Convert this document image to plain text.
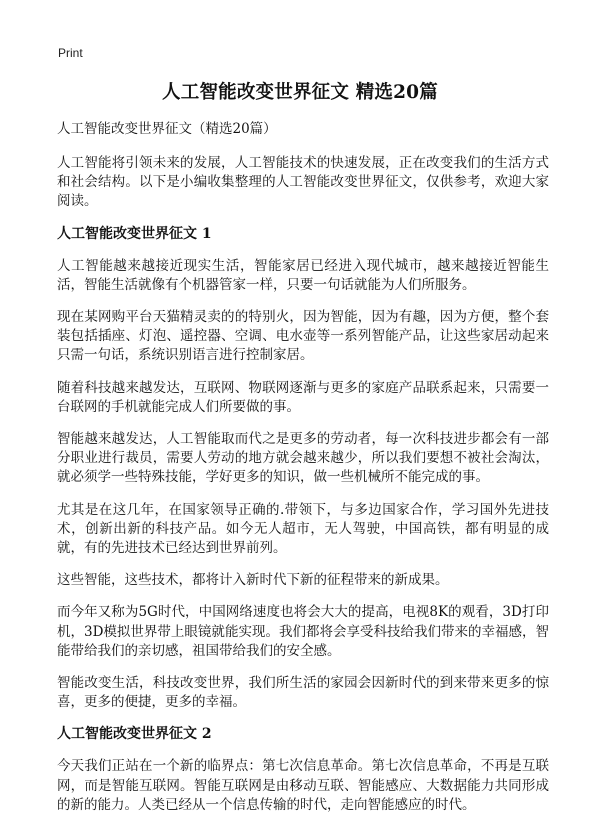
Print
人工智能改变世界征文 精选20篇
人工智能改变世界征文（精选20篇）
人工智能将引领未来的发展，人工智能技术的快速发展，正在改变我们的生活方式和社会结构。以下是小编收集整理的人工智能改变世界征文，仅供参考，欢迎大家阅读。
人工智能改变世界征文 1
人工智能越来越接近现实生活，智能家居已经进入现代城市，越来越接近智能生活，智能生活就像有个机器管家一样，只要一句话就能为人们所服务。
现在某网购平台天猫精灵卖的的特别火，因为智能，因为有趣，因为方便，整个套装包括插座、灯泡、遥控器、空调、电水壶等一系列智能产品，让这些家居动起来只需一句话，系统识别语言进行控制家居。
随着科技越来越发达，互联网、物联网逐渐与更多的家庭产品联系起来，只需要一台联网的手机就能完成人们所要做的事。
智能越来越发达，人工智能取而代之是更多的劳动者，每一次科技进步都会有一部分职业进行裁员，需要人劳动的地方就会越来越少，所以我们要想不被社会淘汰，就必须学一些特殊技能，学好更多的知识，做一些机械所不能完成的事。
尤其是在这几年，在国家领导正确的.带领下，与多边国家合作，学习国外先进技术，创新出新的科技产品。如今无人超市，无人驾驶，中国高铁，都有明显的成就，有的先进技术已经达到世界前列。
这些智能，这些技术，都将计入新时代下新的征程带来的新成果。
而今年又称为5G时代，中国网络速度也将会大大的提高，电视8K的观看，3D打印机，3D模拟世界带上眼镜就能实现。我们都将会享受科技给我们带来的幸福感，智能带给我们的亲切感，祖国带给我们的安全感。
智能改变生活，科技改变世界，我们所生活的家园会因新时代的到来带来更多的惊喜，更多的便捷，更多的幸福。
人工智能改变世界征文 2
今天我们正站在一个新的临界点：第七次信息革命。第七次信息革命，不再是互联网，而是智能互联网。智能互联网是由移动互联、智能感应、大数据能力共同形成的新的能力。人类已经从一个信息传输的时代，走向智能感应的时代。
